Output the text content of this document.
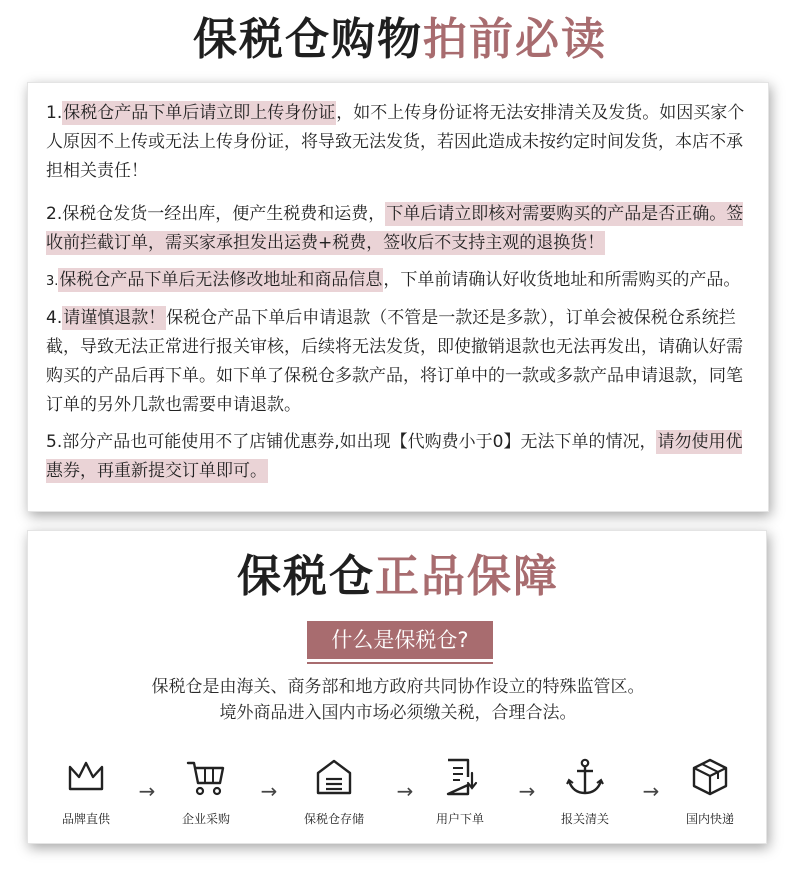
保税仓购物拍前必读

1.保税仓产品下单后请立即上传身份证，如不上传身份证将无法安排清关及发货。如因买家个人原因不上传或无法上传身份证，将导致无法发货，若因此造成未按约定时间发货，本店不承担相关责任！

2.保税仓发货一经出库，便产生税费和运费，下单后请立即核对需要购买的产品是否正确。签收前拦截订单，需买家承担发出运费+税费，签收后不支持主观的退换货！

3.保税仓产品下单后无法修改地址和商品信息，下单前请确认好收货地址和所需购买的产品。

4.请谨慎退款！保税仓产品下单后申请退款（不管是一款还是多款），订单会被保税仓系统拦截，导致无法正常进行报关审核，后续将无法发货，即使撤销退款也无法再发出，请确认好需购买的产品后再下单。如下单了保税仓多款产品，将订单中的一款或多款产品申请退款，同笔订单的另外几款也需要申请退款。

5.部分产品也可能使用不了店铺优惠券,如出现【代购费小于0】无法下单的情况，请勿使用优惠券，再重新提交订单即可。

保税仓正品保障
什么是保税仓?
保税仓是由海关、商务部和地方政府共同协作设立的特殊监管区。
境外商品进入国内市场必须缴关税，合理合法。
品牌直供
→
企业采购
→
保税仓存储
→
用户下单
→
报关清关
→
国内快递
